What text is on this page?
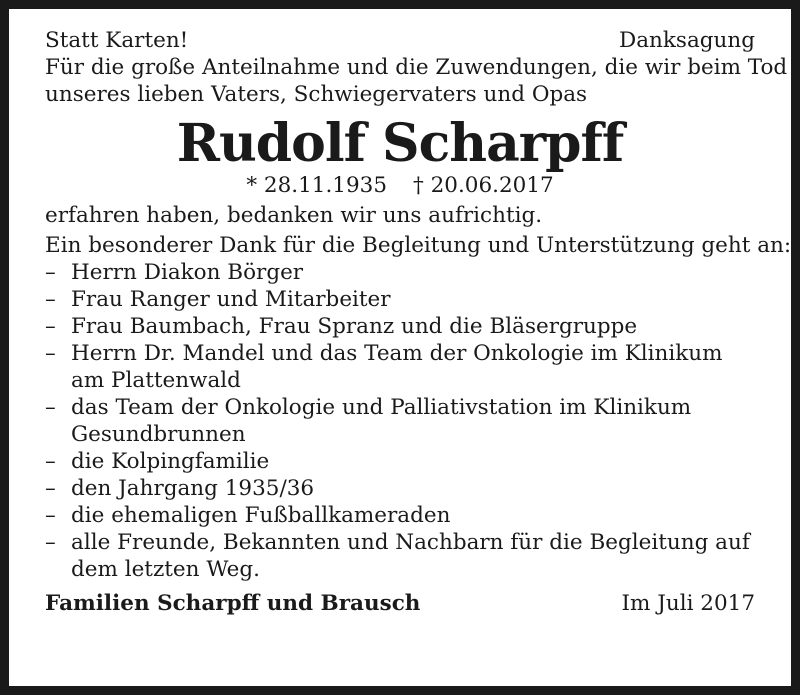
Statt Karten!	Danksagung
Für die große Anteilnahme und die Zuwendungen, die wir beim Tod
unseres lieben Vaters, Schwiegervaters und Opas
Rudolf Scharpff
* 28.11.1935 † 20.06.2017
erfahren haben, bedanken wir uns aufrichtig.
Ein besonderer Dank für die Begleitung und Unterstützung geht an:
– Herrn Diakon Börger
– Frau Ranger und Mitarbeiter
– Frau Baumbach, Frau Spranz und die Bläsergruppe
– Herrn Dr. Mandel und das Team der Onkologie im Klinikum
am Plattenwald
– das Team der Onkologie und Palliativstation im Klinikum
Gesundbrunnen
– die Kolpingfamilie
– den Jahrgang 1935/36
– die ehemaligen Fußballkameraden
– alle Freunde, Bekannten und Nachbarn für die Begleitung auf
dem letzten Weg.
Familien Scharpff und Brausch	Im Juli 2017
